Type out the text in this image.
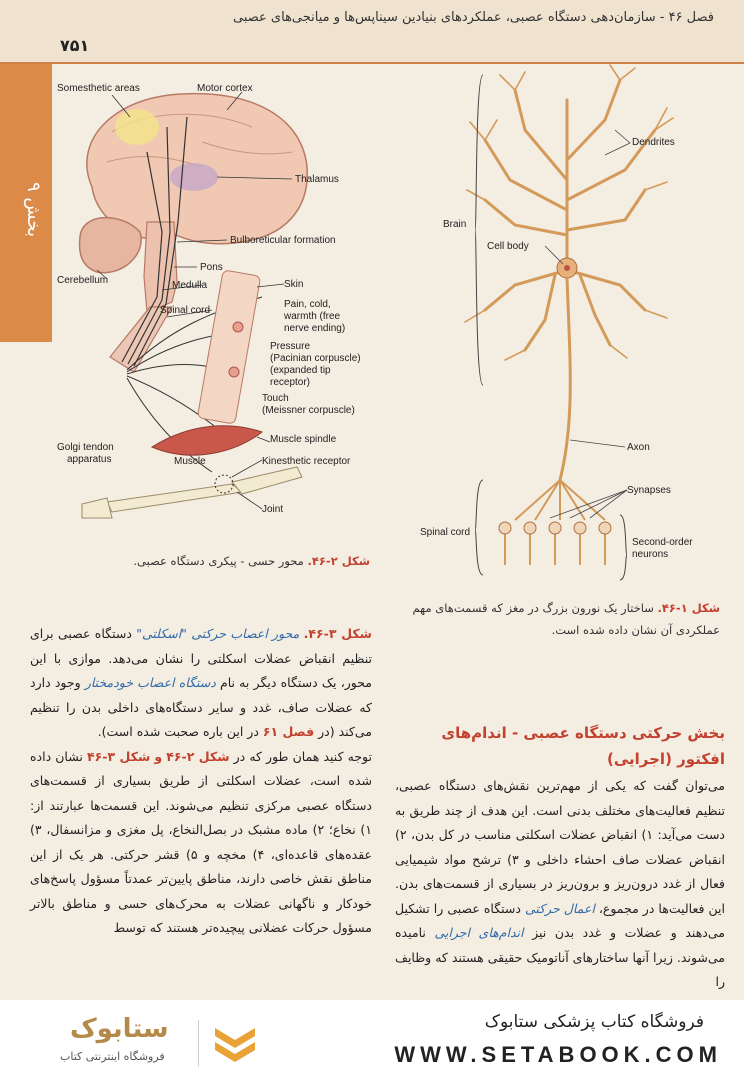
فصل ۴۶ - سازمان‌دهی دستگاه عصبی، عملکردهای بنیادین سیناپس‌ها و میانجی‌های عصبی
۷۵۱
بخش ۹
Somesthetic areas	Motor cortex
Thalamus
Bulboreticular formation
Pons
Cerebellum	Medulla
Spinal cord
Skin
Pain, cold,
warmth (free
nerve ending)
Pressure
(Pacinian corpuscle)
(expanded tip
receptor)
Touch
(Meissner corpuscle)
Muscle spindle
Golgi tendon
apparatus	Muscle	Kinesthetic receptor
Joint
شکل ۲-۴۶. محور حسی - پیکری دستگاه عصبی.
Dendrites
Brain
Cell body
Axon
Synapses
Spinal cord
Second-order
neurons
شکل ۱-۴۶. ساختار یک نورون بزرگ در مغز که قسمت‌های مهم عملکردی آن نشان داده شده است.

شکل ۳-۴۶. محور اعصاب حرکتی "اسکلتی" دستگاه عصبی برای تنظیم انقباض عضلات اسکلتی را نشان می‌دهد. موازی با این محور، یک دستگاه دیگر به نام دستگاه اعصاب خودمختار وجود دارد که عضلات صاف، غدد و سایر دستگاه‌های داخلی بدن را تنظیم می‌کند (در فصل ۶۱ در این باره صحبت شده است).

توجه کنید همان طور که در شکل ۲-۴۶ و شکل ۳-۴۶ نشان داده شده است، عضلات اسکلتی از طریق بسیاری از قسمت‌های دستگاه عصبی مرکزی تنظیم می‌شوند. این قسمت‌ها عبارتند از: ۱) نخاع؛ ۲) ماده مشبک در بصل‌النخاع، پل مغزی و مزانسفال، ۳) عقده‌های قاعده‌ای، ۴) مخچه و ۵) قشر حرکتی. هر یک از این مناطق نقش خاصی دارند، مناطق پایین‌تر عمدتاً مسؤول پاسخ‌های خودکار و ناگهانی عضلات به محرک‌های حسی و مناطق بالاتر مسؤول حرکات عضلانی پیچیده‌تر هستند که توسط

بخش حرکتی دستگاه عصبی - اندام‌های
افکتور (اجرایی)

می‌توان گفت که یکی از مهم‌ترین نقش‌های دستگاه عصبی، تنظیم فعالیت‌های مختلف بدنی است. این هدف از چند طریق به دست می‌آید: ۱) انقباض عضلات اسکلتی مناسب در کل بدن، ۲) انقباض عضلات صاف احشاء داخلی و ۳) ترشح مواد شیمیایی فعال از غدد درون‌ریز و برون‌ریز در بسیاری از قسمت‌های بدن. این فعالیت‌ها در مجموع، اعمال حرکتی دستگاه عصبی را تشکیل می‌دهند و عضلات و غدد بدن نیز اندام‌های اجرایی نامیده می‌شوند. زیرا آنها ساختارهای آناتومیک حقیقی هستند که وظایف را

ستابوک
فروشگاه اینترنتی کتاب
فروشگاه کتاب پزشکی ستابوک
WWW.SETABOOK.COM
